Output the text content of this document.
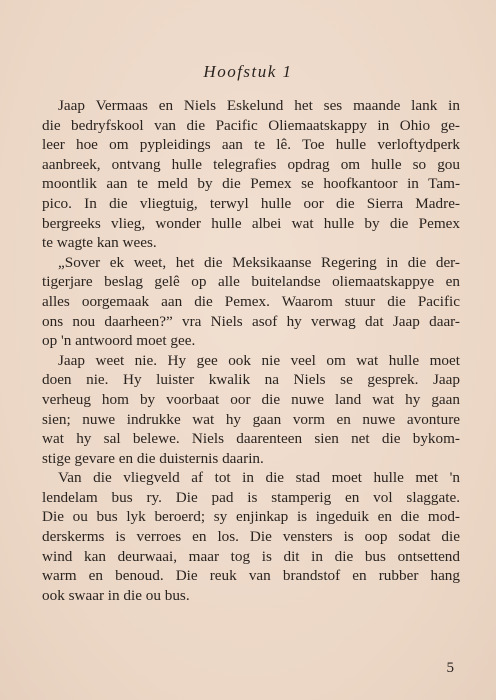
Hoofstuk 1
Jaap Vermaas en Niels Eskelund het ses maande lank in
die bedryfskool van die Pacific Oliemaatskappy in Ohio ge-
leer hoe om pypleidings aan te lê. Toe hulle verloftydperk
aanbreek, ontvang hulle telegrafies opdrag om hulle so gou
moontlik aan te meld by die Pemex se hoofkantoor in Tam-
pico. In die vliegtuig, terwyl hulle oor die Sierra Madre-
bergreeks vlieg, wonder hulle albei wat hulle by die Pemex
te wagte kan wees.
„Sover ek weet, het die Meksikaanse Regering in die der-
tigerjare beslag gelê op alle buitelandse oliemaatskappye en
alles oorgemaak aan die Pemex. Waarom stuur die Pacific
ons nou daarheen?” vra Niels asof hy verwag dat Jaap daar-
op 'n antwoord moet gee.
Jaap weet nie. Hy gee ook nie veel om wat hulle moet
doen nie. Hy luister kwalik na Niels se gesprek. Jaap
verheug hom by voorbaat oor die nuwe land wat hy gaan
sien; nuwe indrukke wat hy gaan vorm en nuwe avonture
wat hy sal belewe. Niels daarenteen sien net die bykom-
stige gevare en die duisternis daarin.
Van die vliegveld af tot in die stad moet hulle met 'n
lendelam bus ry. Die pad is stamperig en vol slaggate.
Die ou bus lyk beroerd; sy enjinkap is ingeduik en die mod-
derskerms is verroes en los. Die vensters is oop sodat die
wind kan deurwaai, maar tog is dit in die bus ontsettend
warm en benoud. Die reuk van brandstof en rubber hang
ook swaar in die ou bus.
5
